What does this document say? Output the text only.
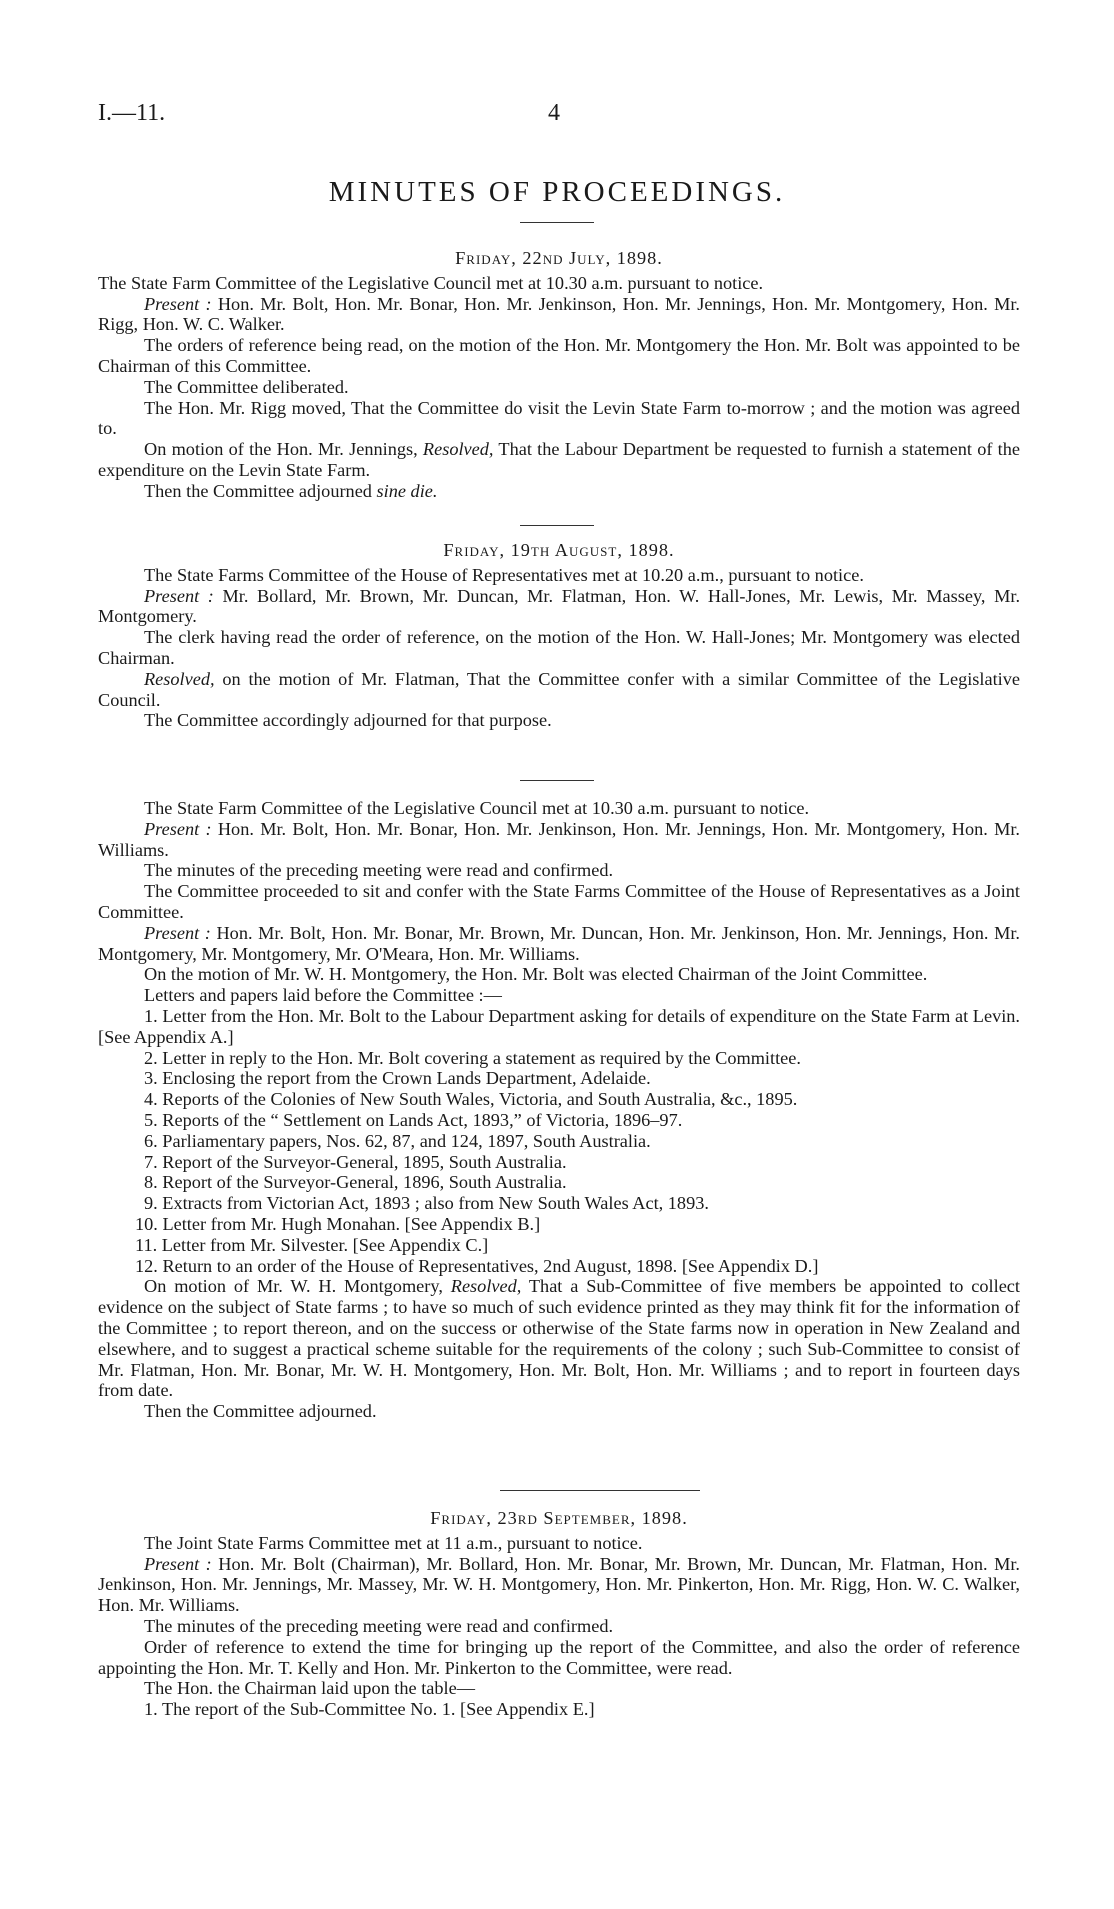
I.—11.	4
MINUTES OF PROCEEDINGS.
Friday, 22nd July, 1898.

The State Farm Committee of the Legislative Council met at 10.30 a.m. pursuant to notice.

Present : Hon. Mr. Bolt, Hon. Mr. Bonar, Hon. Mr. Jenkinson, Hon. Mr. Jennings, Hon. Mr. Montgomery, Hon. Mr. Rigg, Hon. W. C. Walker.

The orders of reference being read, on the motion of the Hon. Mr. Montgomery the Hon. Mr. Bolt was appointed to be Chairman of this Committee.

The Committee deliberated.

The Hon. Mr. Rigg moved, That the Committee do visit the Levin State Farm to-morrow ; and the motion was agreed to.

On motion of the Hon. Mr. Jennings, Resolved, That the Labour Department be requested to furnish a statement of the expenditure on the Levin State Farm.

Then the Committee adjourned sine die.

Friday, 19th August, 1898.

The State Farms Committee of the House of Representatives met at 10.20 a.m., pursuant to notice.

Present : Mr. Bollard, Mr. Brown, Mr. Duncan, Mr. Flatman, Hon. W. Hall-Jones, Mr. Lewis, Mr. Massey, Mr. Montgomery.

The clerk having read the order of reference, on the motion of the Hon. W. Hall-Jones; Mr. Montgomery was elected Chairman.

Resolved, on the motion of Mr. Flatman, That the Committee confer with a similar Committee of the Legislative Council.

The Committee accordingly adjourned for that purpose.

The State Farm Committee of the Legislative Council met at 10.30 a.m. pursuant to notice.

Present : Hon. Mr. Bolt, Hon. Mr. Bonar, Hon. Mr. Jenkinson, Hon. Mr. Jennings, Hon. Mr. Montgomery, Hon. Mr. Williams.

The minutes of the preceding meeting were read and confirmed.

The Committee proceeded to sit and confer with the State Farms Committee of the House of Representatives as a Joint Committee.

Present : Hon. Mr. Bolt, Hon. Mr. Bonar, Mr. Brown, Mr. Duncan, Hon. Mr. Jenkinson, Hon. Mr. Jennings, Hon. Mr. Montgomery, Mr. Montgomery, Mr. O'Meara, Hon. Mr. Williams.

On the motion of Mr. W. H. Montgomery, the Hon. Mr. Bolt was elected Chairman of the Joint Committee.

Letters and papers laid before the Committee :—

1. Letter from the Hon. Mr. Bolt to the Labour Department asking for details of expenditure on the State Farm at Levin. [See Appendix A.]

2. Letter in reply to the Hon. Mr. Bolt covering a statement as required by the Committee.

3. Enclosing the report from the Crown Lands Department, Adelaide.

4. Reports of the Colonies of New South Wales, Victoria, and South Australia, &c., 1895.

5. Reports of the “ Settlement on Lands Act, 1893,” of Victoria, 1896–97.

6. Parliamentary papers, Nos. 62, 87, and 124, 1897, South Australia.

7. Report of the Surveyor-General, 1895, South Australia.

8. Report of the Surveyor-General, 1896, South Australia.

9. Extracts from Victorian Act, 1893 ; also from New South Wales Act, 1893.

10. Letter from Mr. Hugh Monahan. [See Appendix B.]

11. Letter from Mr. Silvester. [See Appendix C.]

12. Return to an order of the House of Representatives, 2nd August, 1898. [See Appendix D.]

On motion of Mr. W. H. Montgomery, Resolved, That a Sub-Committee of five members be appointed to collect evidence on the subject of State farms ; to have so much of such evidence printed as they may think fit for the information of the Committee ; to report thereon, and on the success or otherwise of the State farms now in operation in New Zealand and elsewhere, and to suggest a practical scheme suitable for the requirements of the colony ; such Sub-Committee to consist of Mr. Flatman, Hon. Mr. Bonar, Mr. W. H. Montgomery, Hon. Mr. Bolt, Hon. Mr. Williams ; and to report in fourteen days from date.

Then the Committee adjourned.

Friday, 23rd September, 1898.

The Joint State Farms Committee met at 11 a.m., pursuant to notice.

Present : Hon. Mr. Bolt (Chairman), Mr. Bollard, Hon. Mr. Bonar, Mr. Brown, Mr. Duncan, Mr. Flatman, Hon. Mr. Jenkinson, Hon. Mr. Jennings, Mr. Massey, Mr. W. H. Montgomery, Hon. Mr. Pinkerton, Hon. Mr. Rigg, Hon. W. C. Walker, Hon. Mr. Williams.

The minutes of the preceding meeting were read and confirmed.

Order of reference to extend the time for bringing up the report of the Committee, and also the order of reference appointing the Hon. Mr. T. Kelly and Hon. Mr. Pinkerton to the Committee, were read.

The Hon. the Chairman laid upon the table—

1. The report of the Sub-Committee No. 1. [See Appendix E.]
